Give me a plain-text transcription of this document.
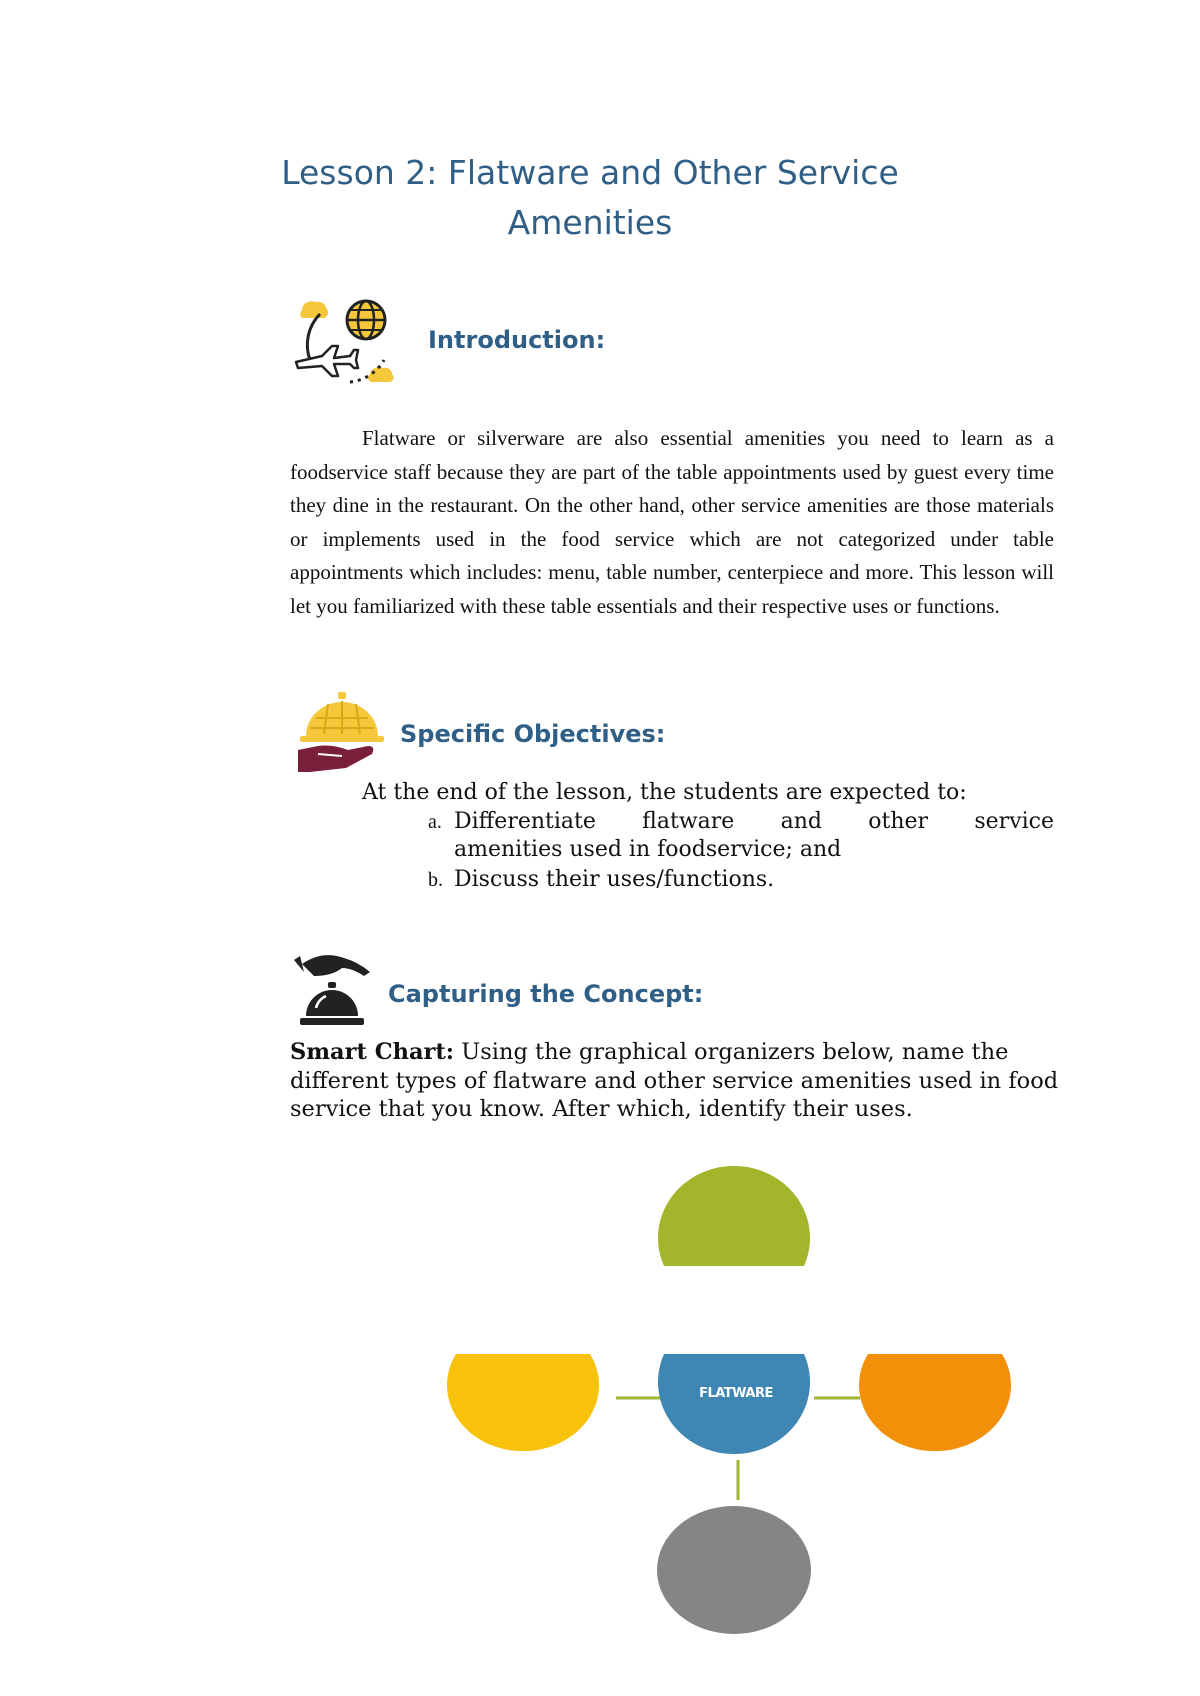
Lesson 2: Flatware and Other Service
Amenities
Introduction:

Flatware or silverware are also essential amenities you need to learn as a foodservice staff because they are part of the table appointments used by guest every time they dine in the restaurant. On the other hand, other service amenities are those materials or implements used in the food service which are not categorized under table appointments which includes: menu, table number, centerpiece and more. This lesson will let you familiarized with these table essentials and their respective uses or functions.

Specific Objectives:

At the end of the lesson, the students are expected to:

a. Differentiate flatware and other service
amenities used in foodservice; and
b. Discuss their uses/functions.
Capturing the Concept:

Smart Chart: Using the graphical organizers below, name the different types of flatware and other service amenities used in food service that you know. After which, identify their uses.

FLATWARE
